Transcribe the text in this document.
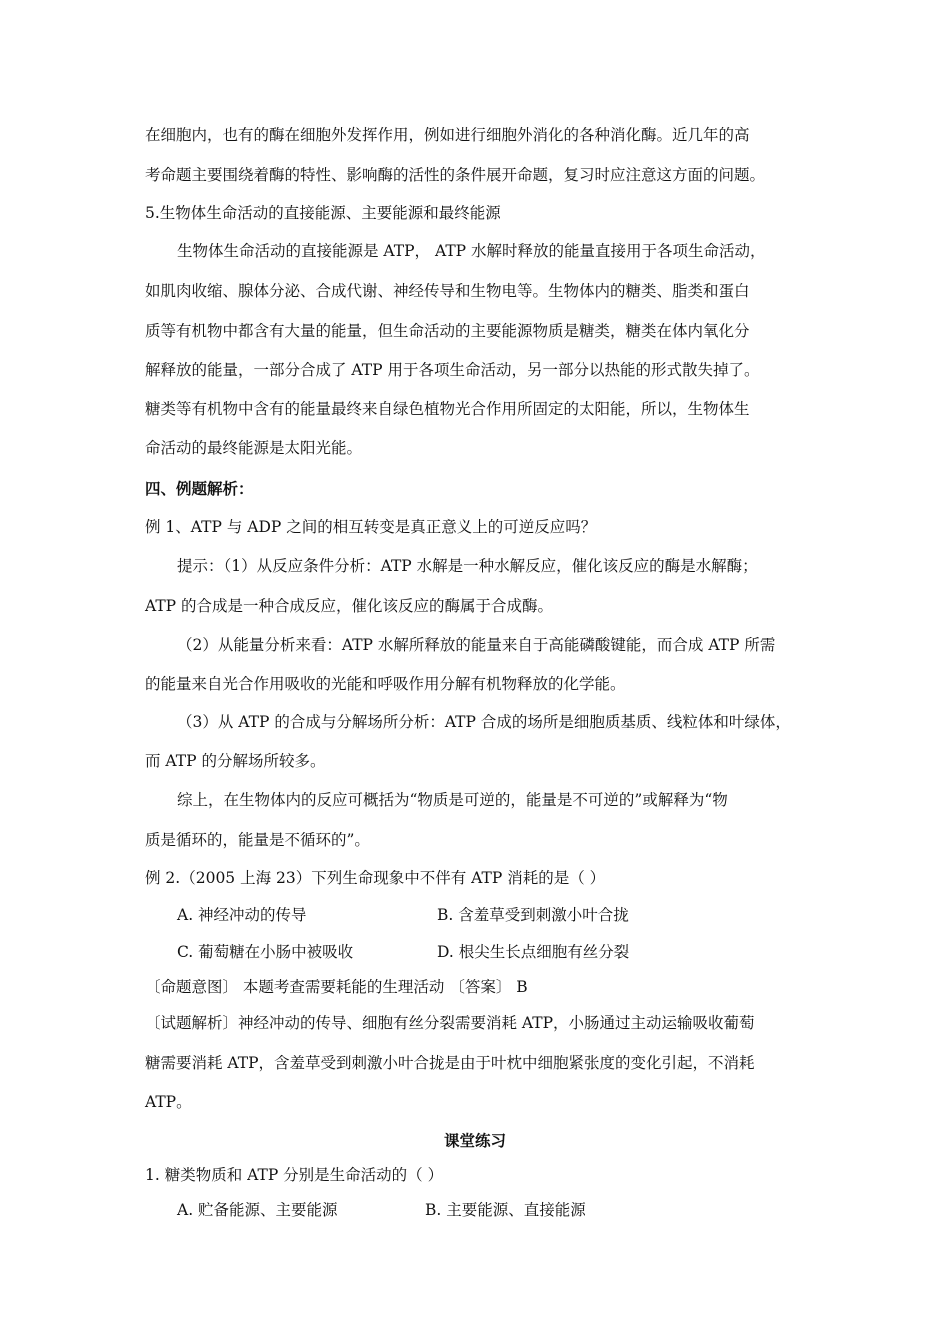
在细胞内，也有的酶在细胞外发挥作用，例如进行细胞外消化的各种消化酶。近几年的高
考命题主要围绕着酶的特性、影响酶的活性的条件展开命题，复习时应注意这方面的问题。
5.生物体生命活动的直接能源、主要能源和最终能源
生物体生命活动的直接能源是 ATP， ATP 水解时释放的能量直接用于各项生命活动，
如肌肉收缩、腺体分泌、合成代谢、神经传导和生物电等。生物体内的糖类、脂类和蛋白
质等有机物中都含有大量的能量，但生命活动的主要能源物质是糖类，糖类在体内氧化分
解释放的能量，一部分合成了 ATP 用于各项生命活动，另一部分以热能的形式散失掉了。
糖类等有机物中含有的能量最终来自绿色植物光合作用所固定的太阳能，所以，生物体生
命活动的最终能源是太阳光能。
四、例题解析：
例 1、ATP 与 ADP 之间的相互转变是真正意义上的可逆反应吗？
提示：（1）从反应条件分析：ATP 水解是一种水解反应，催化该反应的酶是水解酶；
ATP 的合成是一种合成反应，催化该反应的酶属于合成酶。
（2）从能量分析来看：ATP 水解所释放的能量来自于高能磷酸键能，而合成 ATP 所需
的能量来自光合作用吸收的光能和呼吸作用分解有机物释放的化学能。
（3）从 ATP 的合成与分解场所分析：ATP 合成的场所是细胞质基质、线粒体和叶绿体，
而 ATP 的分解场所较多。
综上，在生物体内的反应可概括为“物质是可逆的，能量是不可逆的”或解释为“物
质是循环的，能量是不循环的”。
例 2.（2005 上海 23）下列生命现象中不伴有 ATP 消耗的是（ ）
A. 神经冲动的传导	B. 含羞草受到刺激小叶合拢
C. 葡萄糖在小肠中被吸收	D. 根尖生长点细胞有丝分裂
〔命题意图〕 本题考查需要耗能的生理活动 〔答案〕 B
〔试题解析〕神经冲动的传导、细胞有丝分裂需要消耗 ATP，小肠通过主动运输吸收葡萄
糖需要消耗 ATP，含羞草受到刺激小叶合拢是由于叶枕中细胞紧张度的变化引起，不消耗
ATP。
课堂练习
1. 糖类物质和 ATP 分别是生命活动的（ ）
A. 贮备能源、主要能源	B. 主要能源、直接能源
